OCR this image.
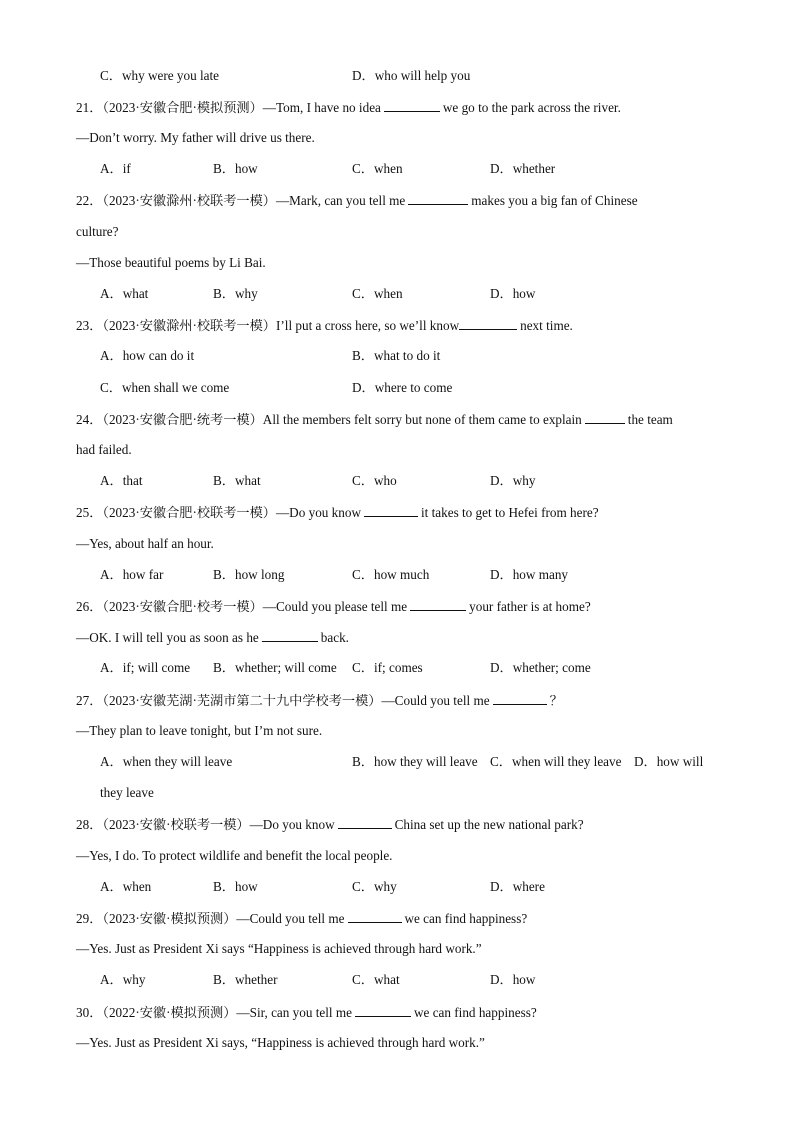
C．why were you late	D．who will help you
21．（2023·安徽合肥·模拟预测）—Tom, I have no idea	we go to the park across the river.
—Don’t worry. My father will drive us there.
A．if	B．how	C．when	D．whether
22．（2023·安徽滁州·校联考一模）—Mark, can you tell me	makes you a big fan of Chinese
culture?
—Those beautiful poems by Li Bai.
A．what	B．why	C．when	D．how
23．（2023·安徽滁州·校联考一模）I’ll put a cross here, so we’ll know	next time.
A．how can do it	B．what to do it
C．when shall we come	D．where to come
24．（2023·安徽合肥·统考一模）All the members felt sorry but none of them came to explain	the team
had failed.
A．that	B．what	C．who	D．why
25．（2023·安徽合肥·校联考一模）—Do you know	it takes to get to Hefei from here?
—Yes, about half an hour.
A．how far	B．how long	C．how much	D．how many
26．（2023·安徽合肥·校考一模）—Could you please tell me	your father is at home?
—OK. I will tell you as soon as he	back.
A．if; will come B．whether; will come C．if; comes	D．whether; come
27．（2023·安徽芜湖·芜湖市第二十九中学校考一模）—Could you tell me	？
—They plan to leave tonight, but I’m not sure.
A．when they will leave	B．how they will leave C．when will they leave D．how will
they leave
28．（2023·安徽·校联考一模）—Do you know	China set up the new national park?
—Yes, I do. To protect wildlife and benefit the local people.
A．when	B．how	C．why	D．where
29．（2023·安徽·模拟预测）—Could you tell me	we can find happiness?
—Yes. Just as President Xi says “Happiness is achieved through hard work.”
A．why	B．whether	C．what	D．how
30．（2022·安徽·模拟预测）—Sir, can you tell me	we can find happiness?
—Yes. Just as President Xi says, “Happiness is achieved through hard work.”
